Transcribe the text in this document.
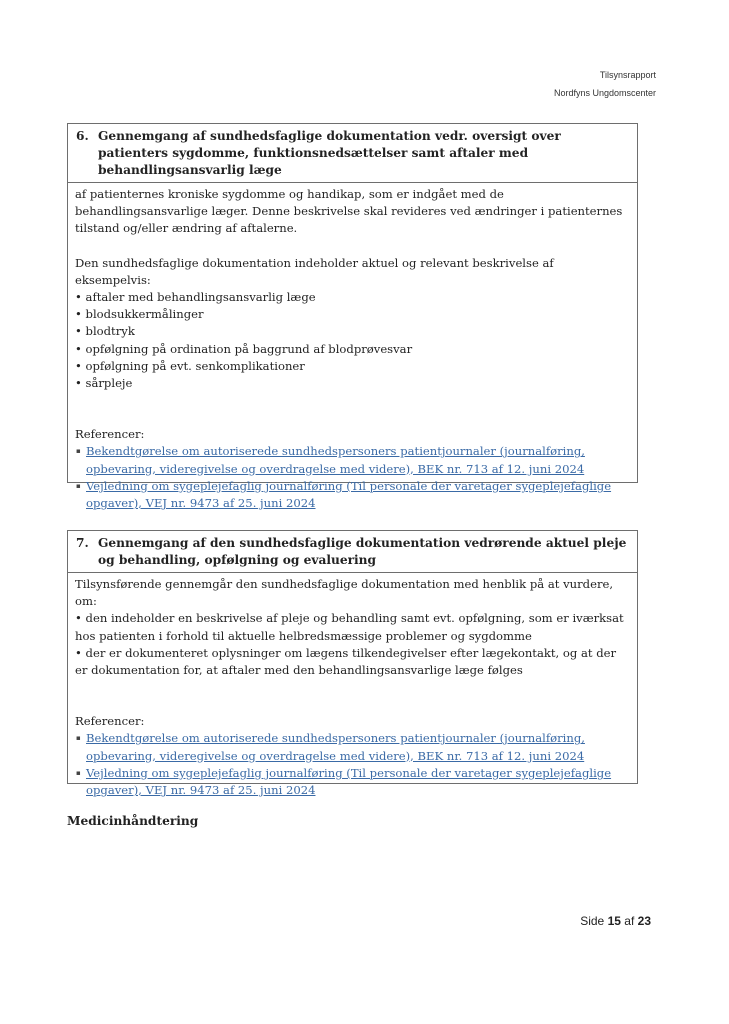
Tilsynsrapport
Nordfyns Ungdomscenter
6. Gennemgang af sundhedsfaglige dokumentation vedr. oversigt over patienters sygdomme, funktionsnedsættelser samt aftaler med behandlingsansvarlig læge

af patienternes kroniske sygdomme og handikap, som er indgået med de behandlingsansvarlige læger. Denne beskrivelse skal revideres ved ændringer i patienternes tilstand og/eller ændring af aftalerne.

Den sundhedsfaglige dokumentation indeholder aktuel og relevant beskrivelse af eksempelvis:

• aftaler med behandlingsansvarlig læge
• blodsukkermålinger
• blodtryk
• opfølgning på ordination på baggrund af blodprøvesvar
• opfølgning på evt. senkomplikationer
• sårpleje

Referencer:

▪ Bekendtgørelse om autoriserede sundhedspersoners patientjournaler (journalføring, opbevaring, videregivelse og overdragelse med videre), BEK nr. 713 af 12. juni 2024
▪ Vejledning om sygeplejefaglig journalføring (Til personale der varetager sygeplejefaglige opgaver), VEJ nr. 9473 af 25. juni 2024
7. Gennemgang af den sundhedsfaglige dokumentation vedrørende aktuel pleje og behandling, opfølgning og evaluering

Tilsynsførende gennemgår den sundhedsfaglige dokumentation med henblik på at vurdere, om:

• den indeholder en beskrivelse af pleje og behandling samt evt. opfølgning, som er iværksat hos patienten i forhold til aktuelle helbredsmæssige problemer og sygdomme
• der er dokumenteret oplysninger om lægens tilkendegivelser efter lægekontakt, og at der er dokumentation for, at aftaler med den behandlingsansvarlige læge følges

Referencer:

▪ Bekendtgørelse om autoriserede sundhedspersoners patientjournaler (journalføring, opbevaring, videregivelse og overdragelse med videre), BEK nr. 713 af 12. juni 2024
▪ Vejledning om sygeplejefaglig journalføring (Til personale der varetager sygeplejefaglige opgaver), VEJ nr. 9473 af 25. juni 2024
Medicinhåndtering
Side 15 af 23
